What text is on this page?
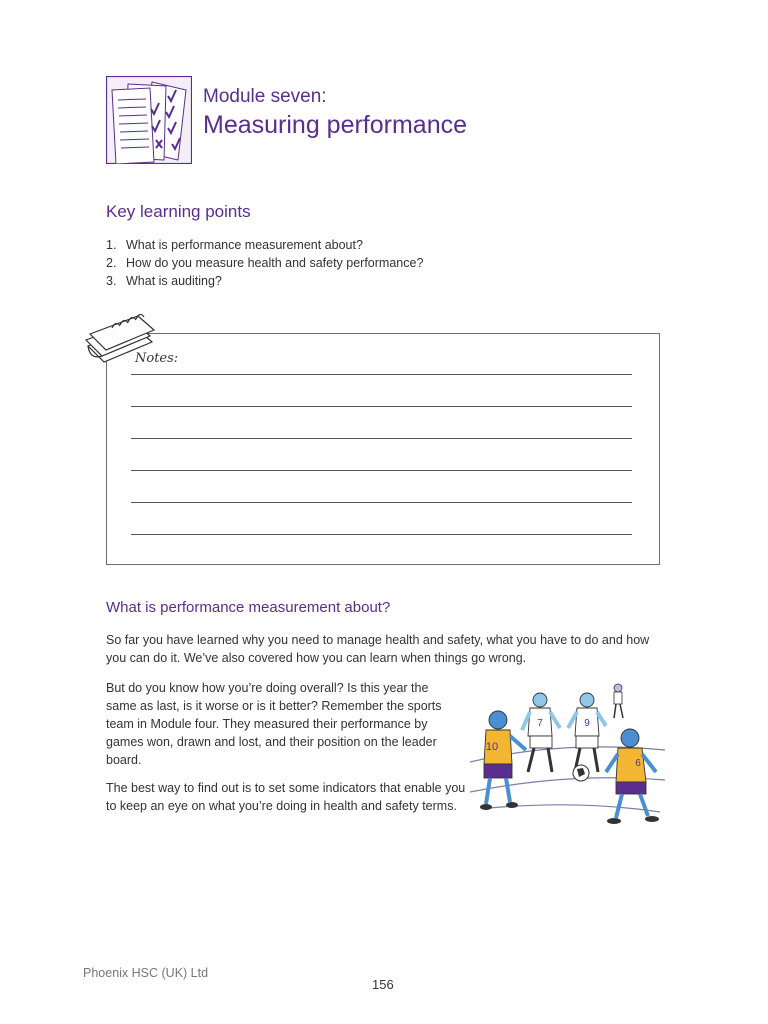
Module seven:
Measuring performance
Key learning points
1. What is performance measurement about?
2. How do you measure health and safety performance?
3. What is auditing?
Notes:
What is performance measurement about?
So far you have learned why you need to manage health and safety, what you have to do and how you can do it. We’ve also covered how you can learn when things go wrong.
But do you know how you’re doing overall? Is this year the same as last, is it worse or is it better? Remember the sports team in Module four. They measured their performance by games won, drawn and lost, and their position on the leader board.
The best way to find out is to set some indicators that enable you to keep an eye on what you’re doing in health and safety terms.
7	9
10
6
Phoenix HSC (UK) Ltd
156
